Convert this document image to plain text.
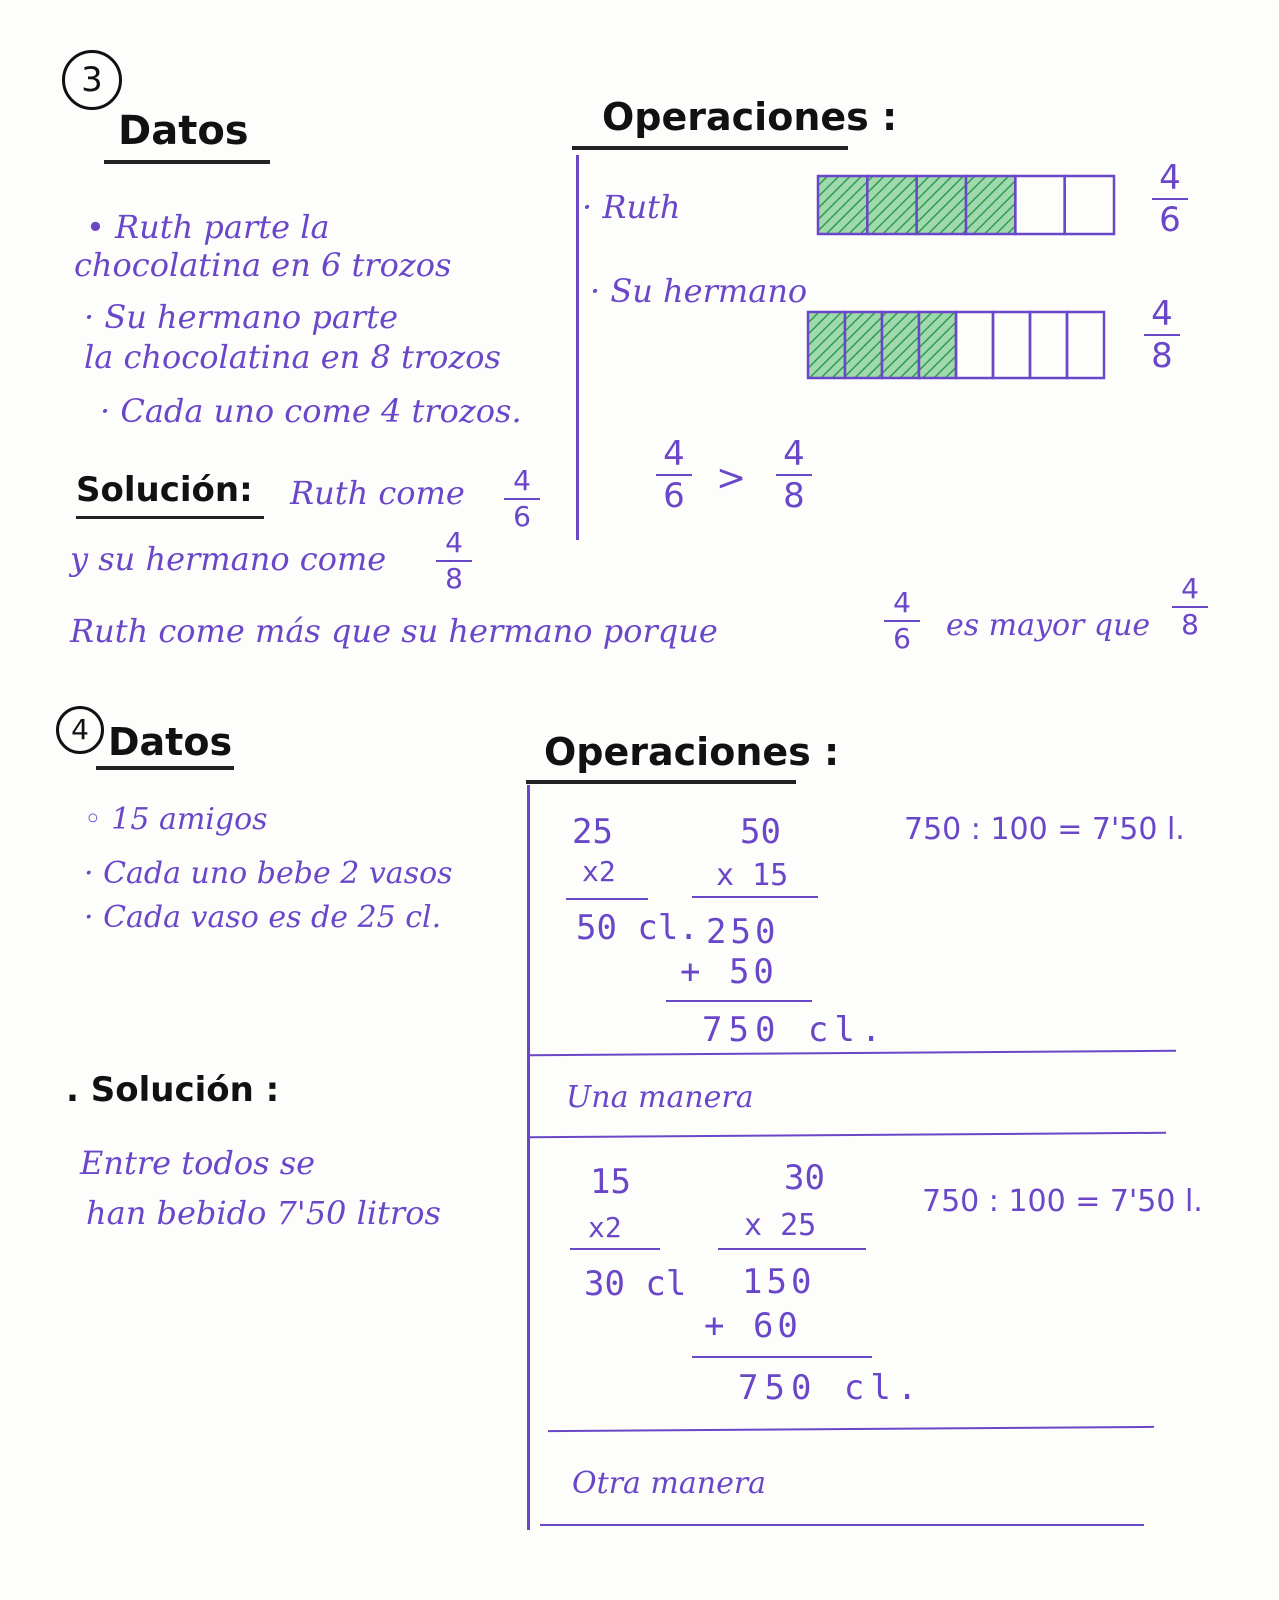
3
Datos	Operaciones :
• Ruth parte la
chocolatina en 6 trozos
· Su hermano parte
la chocolatina en 8 trozos
· Cada uno come 4 trozos.
· Ruth
· Su hermano
4
6
4
8
4
6 >
4
8
Solución: Ruth come	4
6
y su hermano come	4
8
Ruth come más que su hermano porque
4
6	es mayor que
4
8
4 Datos	Operaciones :
◦ 15 amigos
· Cada uno bebe 2 vasos
· Cada vaso es de 25 cl.
25
x2
50 cl.
50
x 15
250
+ 50
750 cl.
750 : 100 = 7'50 l.
Una manera
15
x2
30 cl
30
x 25
150
+ 60
750 cl.
750 : 100 = 7'50 l.
Otra manera
. Solución :
Entre todos se
han bebido 7'50 litros
